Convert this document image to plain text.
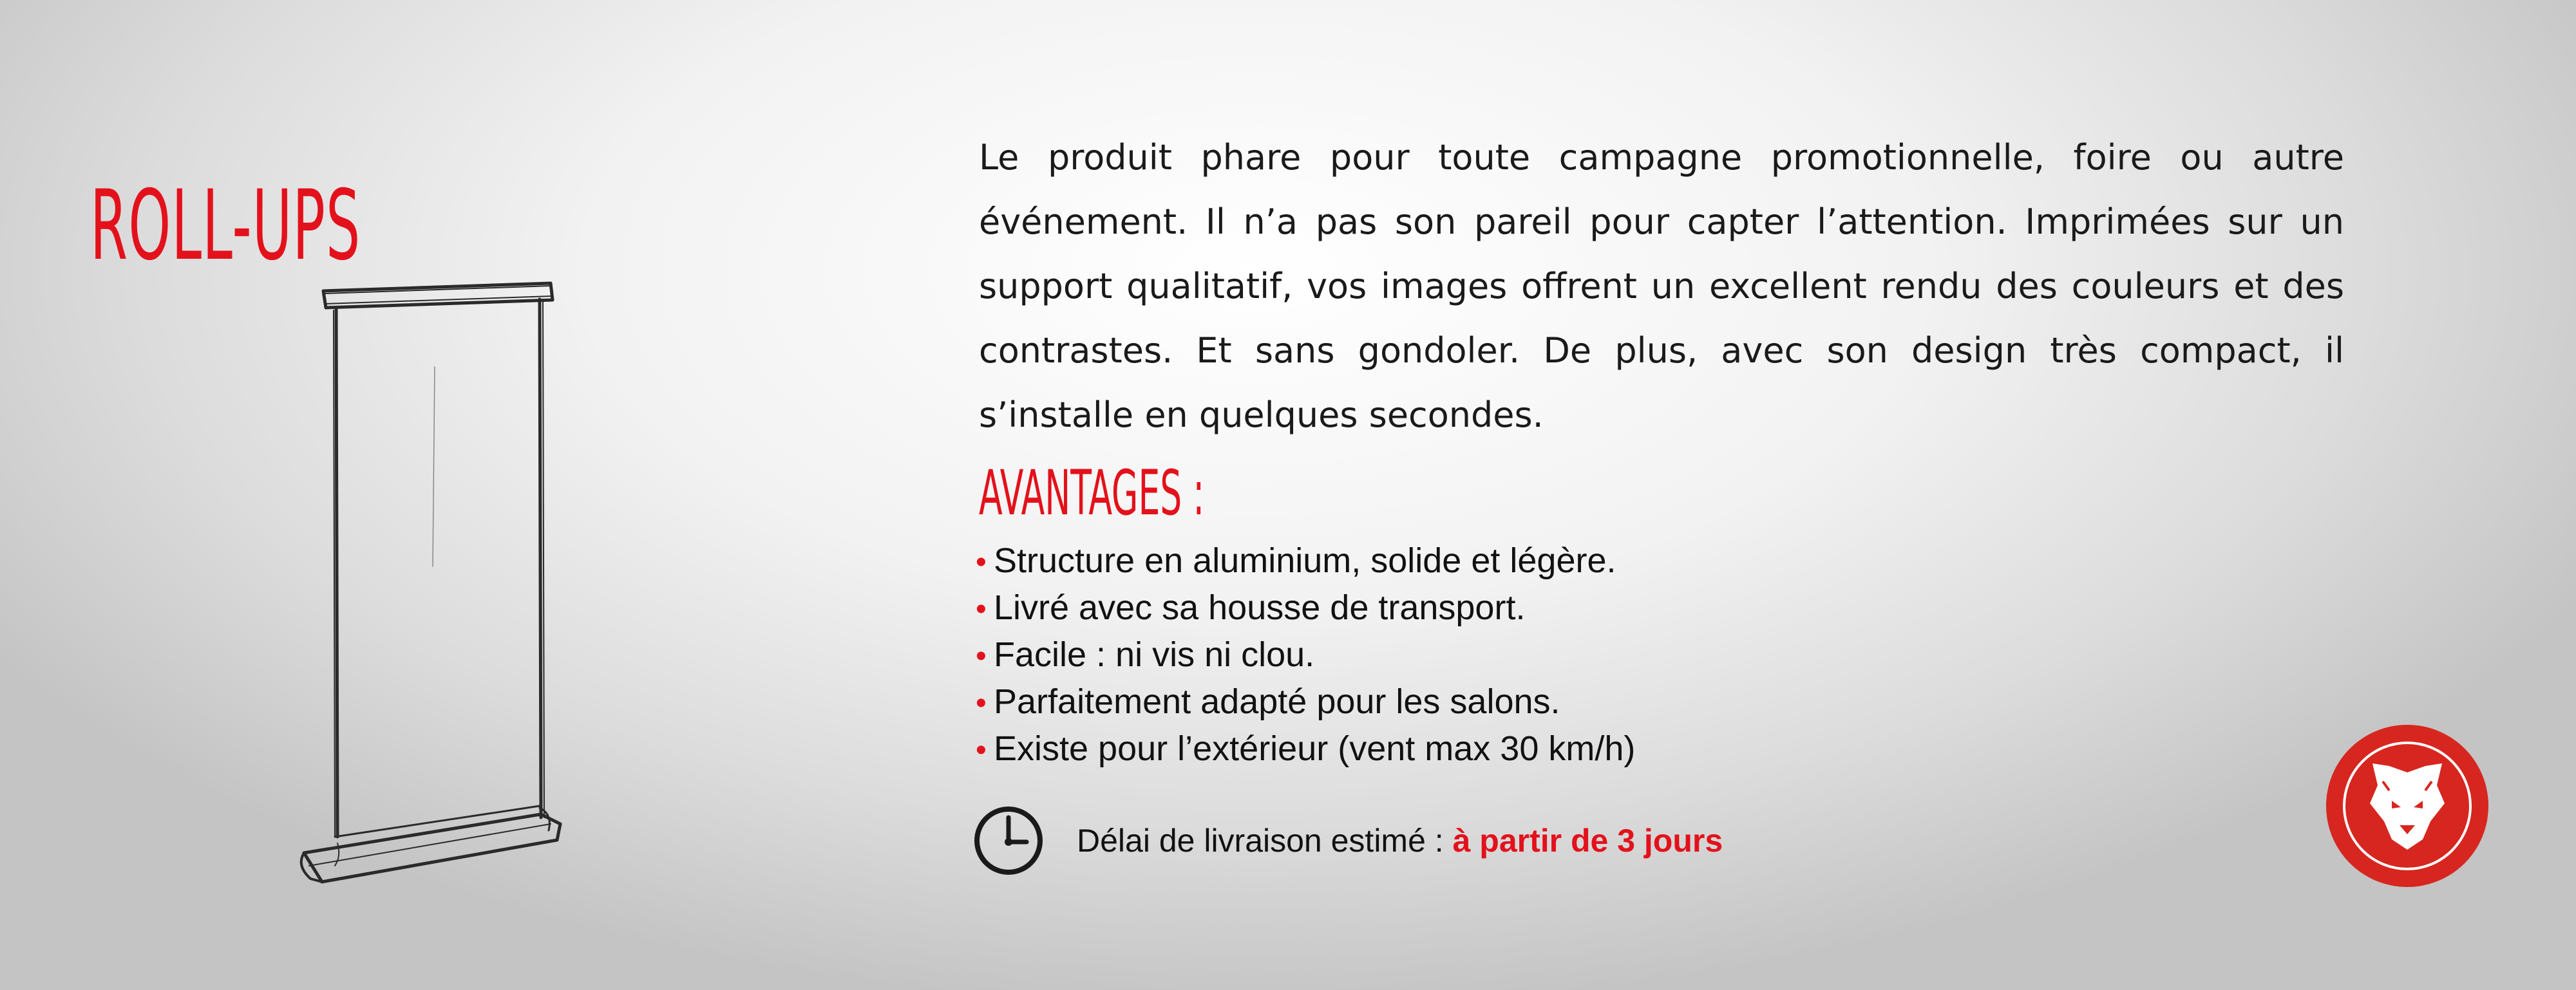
ROLL-UPS

Le produit phare pour toute campagne promotionnelle, foire ou autre événement. Il n’a pas son pareil pour capter l’attention. Imprimées sur un support qualitatif, vos images offrent un excellent rendu des couleurs et des contrastes. Et sans gondoler. De plus, avec son design très compact, il s’installe en quelques secondes.

AVANTAGES :
• Structure en aluminium, solide et légère.
• Livré avec sa housse de transport.
• Facile : ni vis ni clou.
• Parfaitement adapté pour les salons.
• Existe pour l’extérieur (vent max 30 km/h)
Délai de livraison estimé : à partir de 3 jours
